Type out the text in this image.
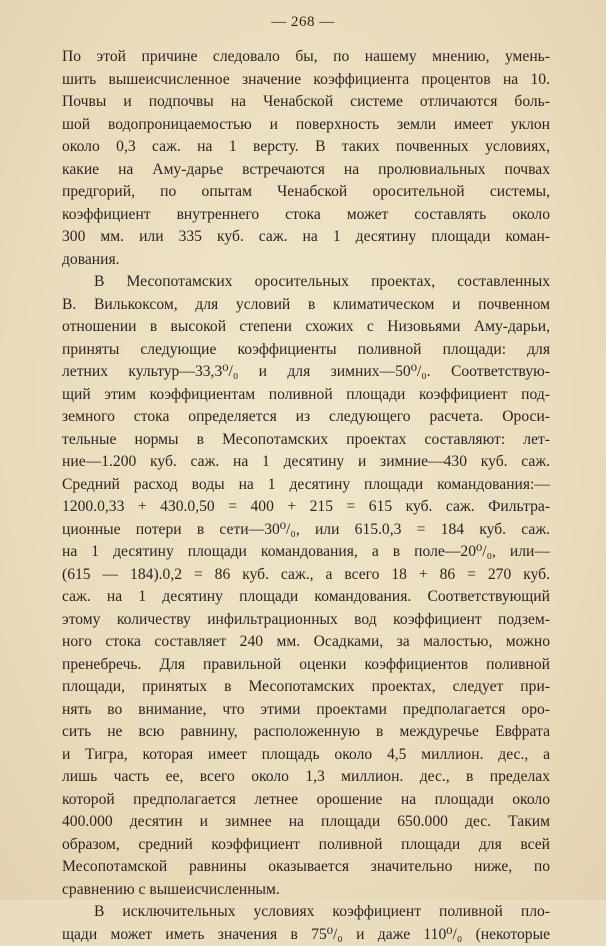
— 268 —
По этой причине следовало бы, по нашему мнению, умень-
шить вышеисчисленное значение коэффициента процентов на 10.
Почвы и подпочвы на Ченабской системе отличаются боль-
шой водопроницаемостью и поверхность земли имеет уклон
около 0,3 саж. на 1 версту. В таких почвенных условиях,
какие на Аму-дарье встречаются на пролювиальных почвах
предгорий, по опытам Ченабской оросительной системы,
коэффициент внутреннего стока может составлять около
300 мм. или 335 куб. саж. на 1 десятину площади коман-
дования.
В Месопотамских оросительных проектах, составленных
В. Вилькоксом, для условий в климатическом и почвенном
отношении в высокой степени схожих с Низовьями Аму-дарьи,
приняты следующие коэффициенты поливной площади: для
летних культур—33,3⁰/₀ и для зимних—50⁰/₀. Соответствую-
щий этим коэффициентам поливной площади коэффициент под-
земного стока определяется из следующего расчета. Ороси-
тельные нормы в Месопотамских проектах составляют: лет-
ние—1.200 куб. саж. на 1 десятину и зимние—430 куб. саж.
Средний расход воды на 1 десятину площади командования:—
1200.0,33 + 430.0,50 = 400 + 215 = 615 куб. саж. Фильтра-
ционные потери в сети—30⁰/₀, или 615.0,3 = 184 куб. саж.
на 1 десятину площади командования, а в поле—20⁰/₀, или—
(615 — 184).0,2 = 86 куб. саж., а всего 18 + 86 = 270 куб.
саж. на 1 десятину площади командования. Соответствующий
этому количеству инфильтрационных вод коэффициент подзем-
ного стока составляет 240 мм. Осадками, за малостью, можно
пренебречь. Для правильной оценки коэффициентов поливной
площади, принятых в Месопотамских проектах, следует при-
нять во внимание, что этими проектами предполагается оро-
сить не всю равнину, расположенную в междуречье Евфрата
и Тигра, которая имеет площадь около 4,5 миллион. дес., а
лишь часть ее, всего около 1,3 миллион. дес., в пределах
которой предполагается летнее орошение на площади около
400.000 десятин и зимнее на площади 650.000 дес. Таким
образом, средний коэффициент поливной площади для всей
Месопотамской равнины оказывается значительно ниже, по
сравнению с вышеисчисленным.
В исключительных условиях коэффициент поливной пло-
щади может иметь значения в 75⁰/₀ и даже 110⁰/₀ (некоторые
